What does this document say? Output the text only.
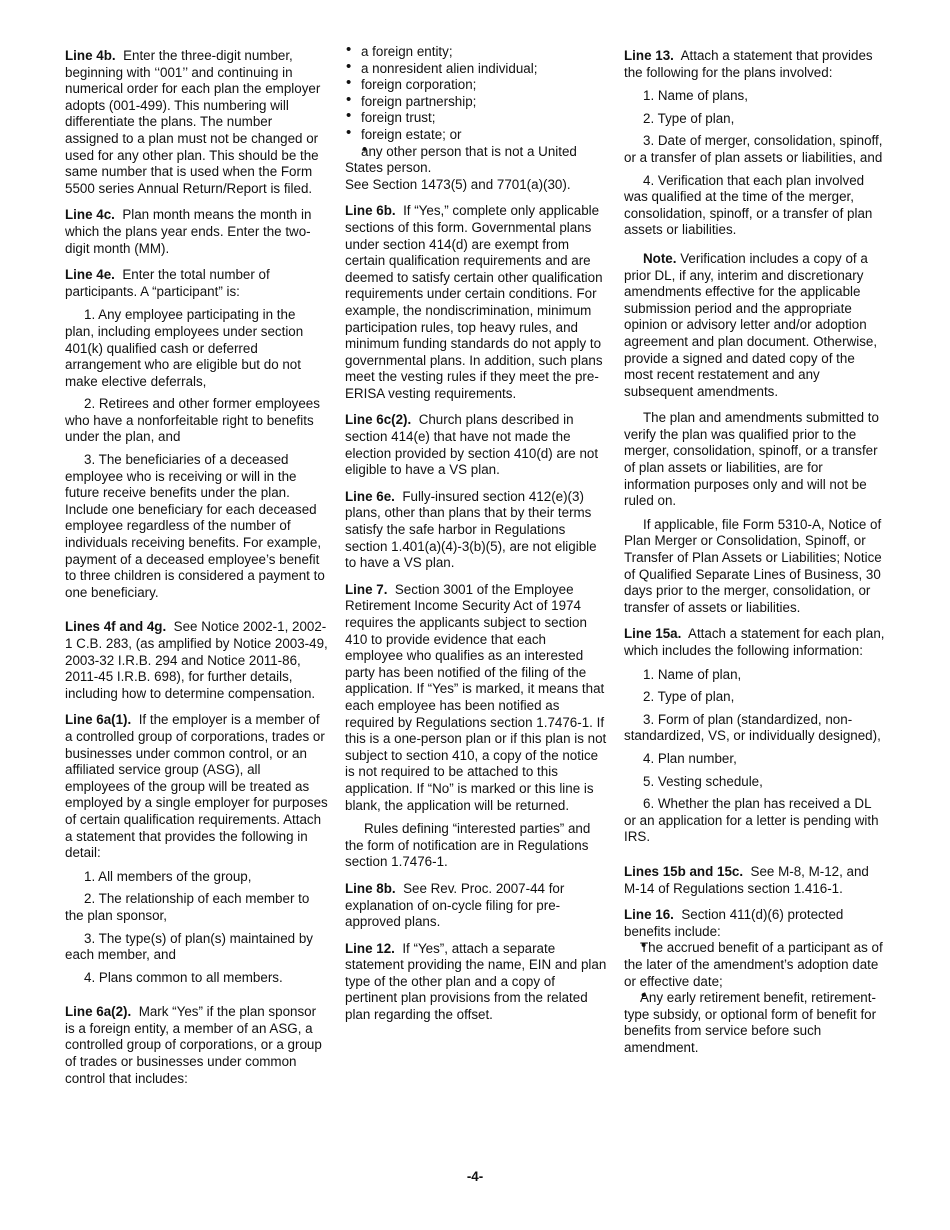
Line 4b. Enter the three-digit number, beginning with ‘‘001’’ and continuing in numerical order for each plan the employer adopts (001-499). This numbering will differentiate the plans. The number assigned to a plan must not be changed or used for any other plan. This should be the same number that is used when the Form 5500 series Annual Return/Report is filed.

Line 4c. Plan month means the month in which the plans year ends. Enter the two-digit month (MM).

Line 4e. Enter the total number of participants. A “participant” is:

1. Any employee participating in the plan, including employees under section 401(k) qualified cash or deferred arrangement who are eligible but do not make elective deferrals,

2. Retirees and other former employees who have a nonforfeitable right to benefits under the plan, and

3. The beneficiaries of a deceased employee who is receiving or will in the future receive benefits under the plan. Include one beneficiary for each deceased employee regardless of the number of individuals receiving benefits. For example, payment of a deceased employee’s benefit to three children is considered a payment to one beneficiary.

Lines 4f and 4g. See Notice 2002-1, 2002-1 C.B. 283, (as amplified by Notice 2003-49, 2003-32 I.R.B. 294 and Notice 2011-86, 2011-45 I.R.B. 698), for further details, including how to determine compensation.

Line 6a(1). If the employer is a member of a controlled group of corporations, trades or businesses under common control, or an affiliated service group (ASG), all employees of the group will be treated as employed by a single employer for purposes of certain qualification requirements. Attach a statement that provides the following in detail:

1. All members of the group,

2. The relationship of each member to the plan sponsor,

3. The type(s) of plan(s) maintained by each member, and

4. Plans common to all members.

Line 6a(2). Mark “Yes” if the plan sponsor is a foreign entity, a member of an ASG, a controlled group of corporations, or a group of trades or businesses under common control that includes:

• a foreign entity;
• a nonresident alien individual;
• foreign corporation;
• foreign partnership;
• foreign trust;
• foreign estate; or
• any other person that is not a United States person.

See Section 1473(5) and 7701(a)(30).

Line 6b. If “Yes,” complete only applicable sections of this form. Governmental plans under section 414(d) are exempt from certain qualification requirements and are deemed to satisfy certain other qualification requirements under certain conditions. For example, the nondiscrimination, minimum participation rules, top heavy rules, and minimum funding standards do not apply to governmental plans. In addition, such plans meet the vesting rules if they meet the pre-ERISA vesting requirements.

Line 6c(2). Church plans described in section 414(e) that have not made the election provided by section 410(d) are not eligible to have a VS plan.

Line 6e. Fully-insured section 412(e)(3) plans, other than plans that by their terms satisfy the safe harbor in Regulations section 1.401(a)(4)-3(b)(5), are not eligible to have a VS plan.

Line 7. Section 3001 of the Employee Retirement Income Security Act of 1974 requires the applicants subject to section 410 to provide evidence that each employee who qualifies as an interested party has been notified of the filing of the application. If “Yes” is marked, it means that each employee has been notified as required by Regulations section 1.7476-1. If this is a one-person plan or if this plan is not subject to section 410, a copy of the notice is not required to be attached to this application. If “No” is marked or this line is blank, the application will be returned.

Rules defining “interested parties” and the form of notification are in Regulations section 1.7476-1.

Line 8b. See Rev. Proc. 2007-44 for explanation of on-cycle filing for pre-approved plans.

Line 12. If “Yes”, attach a separate statement providing the name, EIN and plan type of the other plan and a copy of pertinent plan provisions from the related plan regarding the offset.

Line 13. Attach a statement that provides the following for the plans involved:

1. Name of plans,

2. Type of plan,

3. Date of merger, consolidation, spinoff, or a transfer of plan assets or liabilities, and

4. Verification that each plan involved was qualified at the time of the merger, consolidation, spinoff, or a transfer of plan assets or liabilities.

Note. Verification includes a copy of a prior DL, if any, interim and discretionary amendments effective for the applicable submission period and the appropriate opinion or advisory letter and/or adoption agreement and plan document. Otherwise, provide a signed and dated copy of the most recent restatement and any subsequent amendments.

The plan and amendments submitted to verify the plan was qualified prior to the merger, consolidation, spinoff, or a transfer of plan assets or liabilities, are for information purposes only and will not be ruled on.

If applicable, file Form 5310-A, Notice of Plan Merger or Consolidation, Spinoff, or Transfer of Plan Assets or Liabilities; Notice of Qualified Separate Lines of Business, 30 days prior to the merger, consolidation, or transfer of assets or liabilities.

Line 15a. Attach a statement for each plan, which includes the following information:

1. Name of plan,

2. Type of plan,

3. Form of plan (standardized, non-standardized, VS, or individually designed),

4. Plan number,

5. Vesting schedule,

6. Whether the plan has received a DL or an application for a letter is pending with IRS.

Lines 15b and 15c. See M-8, M-12, and M-14 of Regulations section 1.416-1.

Line 16. Section 411(d)(6) protected benefits include:

• The accrued benefit of a participant as of the later of the amendment’s adoption date or effective date;
• Any early retirement benefit, retirement-type subsidy, or optional form of benefit for benefits from service before such amendment.
-4-
